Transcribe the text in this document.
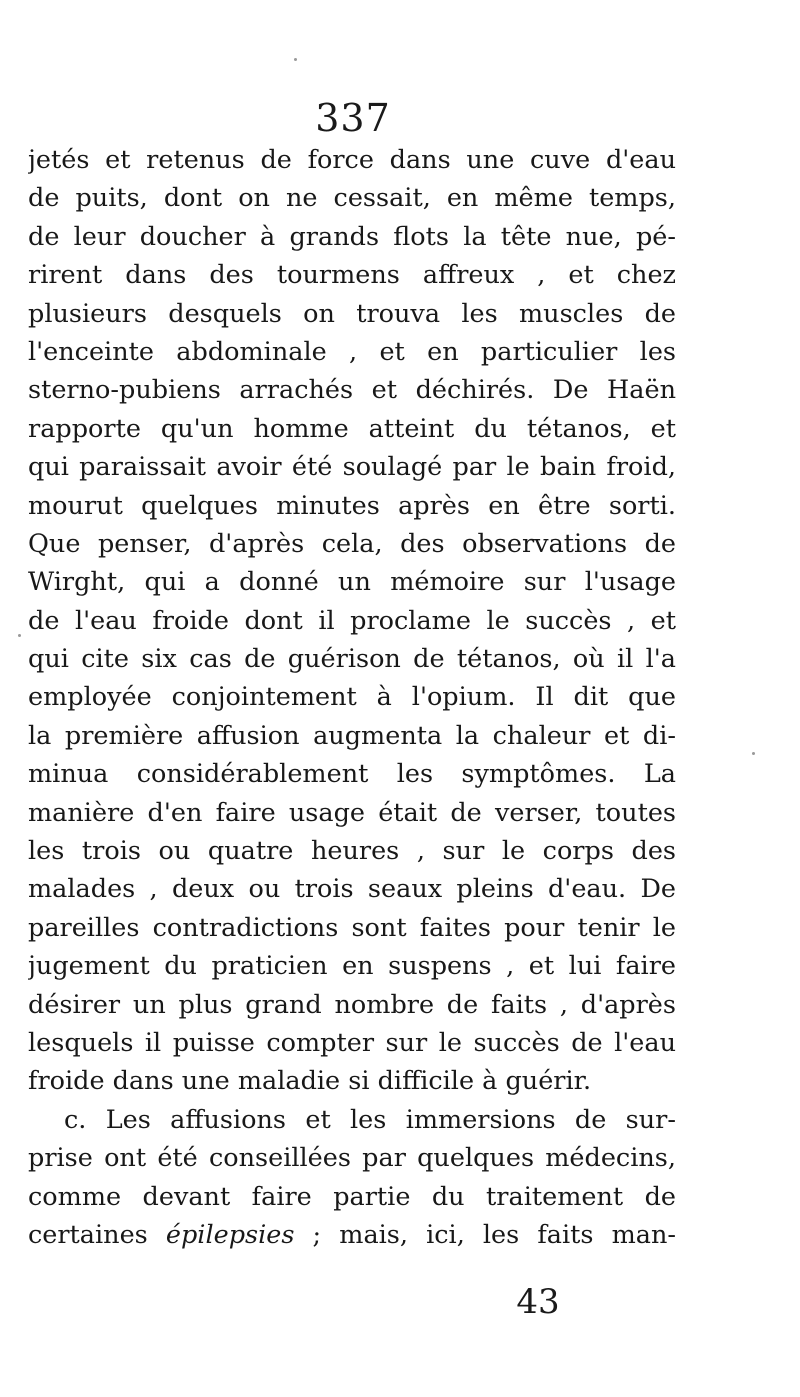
337
jetés et retenus de force dans une cuve d'eau
de puits, dont on ne cessait, en même temps,
de leur doucher à grands flots la tête nue, pé-
rirent dans des tourmens affreux , et chez
plusieurs desquels on trouva les muscles de
l'enceinte abdominale , et en particulier les
sterno-pubiens arrachés et déchirés. De Haën
rapporte qu'un homme atteint du tétanos, et
qui paraissait avoir été soulagé par le bain froid,
mourut quelques minutes après en être sorti.
Que penser, d'après cela, des observations de
Wirght, qui a donné un mémoire sur l'usage
de l'eau froide dont il proclame le succès , et
qui cite six cas de guérison de tétanos, où il l'a
employée conjointement à l'opium. Il dit que
la première affusion augmenta la chaleur et di-
minua considérablement les symptômes. La
manière d'en faire usage était de verser, toutes
les trois ou quatre heures , sur le corps des
malades , deux ou trois seaux pleins d'eau. De
pareilles contradictions sont faites pour tenir le
jugement du praticien en suspens , et lui faire
désirer un plus grand nombre de faits , d'après
lesquels il puisse compter sur le succès de l'eau
froide dans une maladie si difficile à guérir.
c. Les affusions et les immersions de sur-
prise ont été conseillées par quelques médecins,
comme devant faire partie du traitement de
certaines épilepsies ; mais, ici, les faits man-
43
